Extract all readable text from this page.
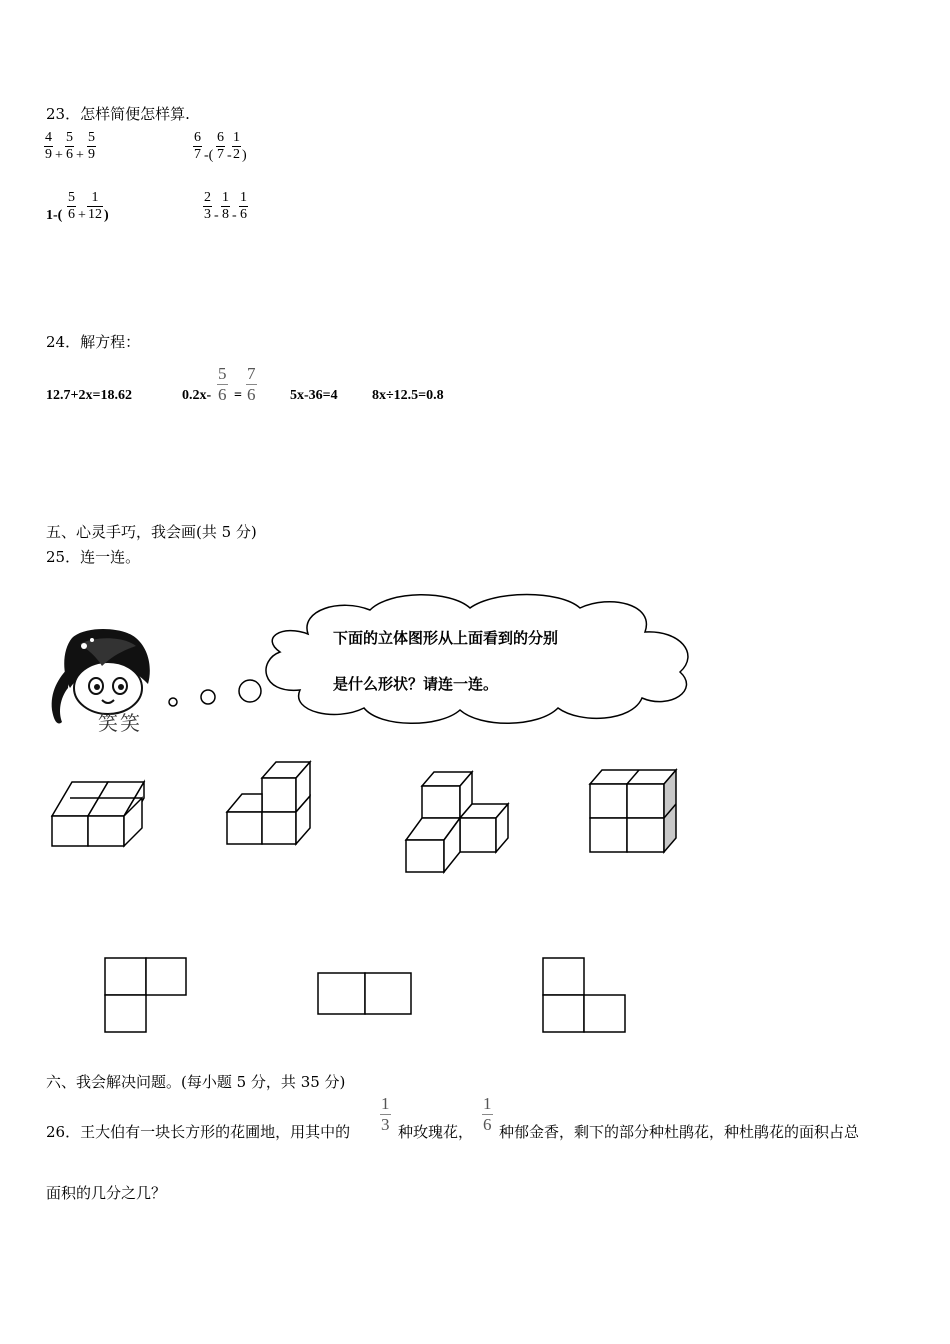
23．怎样简便怎样算.
$\frac{4}{9} + \frac{5}{6} + \frac{5}{9}$	$\frac{6}{7}$ -( $\frac{6}{7} - \frac{1}{2}$ )
$1-( \frac{5}{6} + \frac{1}{12}$ )	$\frac{2}{3} - \frac{1}{8} - \frac{1}{6}$
24．解方程：
12.7+2x=18.62	$0.2x- \frac{5}{6} = \frac{7}{6} 5x-36=4$ 8x÷12.5=0.8
五、心灵手巧，我会画(共 5 分)
25．连一连。
笑笑
下面的立体图形从上面看到的分别
是什么形状？请连一连。
六、我会解决问题。(每小题 5 分，共 35 分)
26．王大伯有一块长方形的花圃地，用其中的 $\frac{1}{3}$ 种玫瑰花， $\frac{1}{6}$ 种郁金香，剩下的部分种杜鹃花，种杜鹃花的面积占总
面积的几分之几？
